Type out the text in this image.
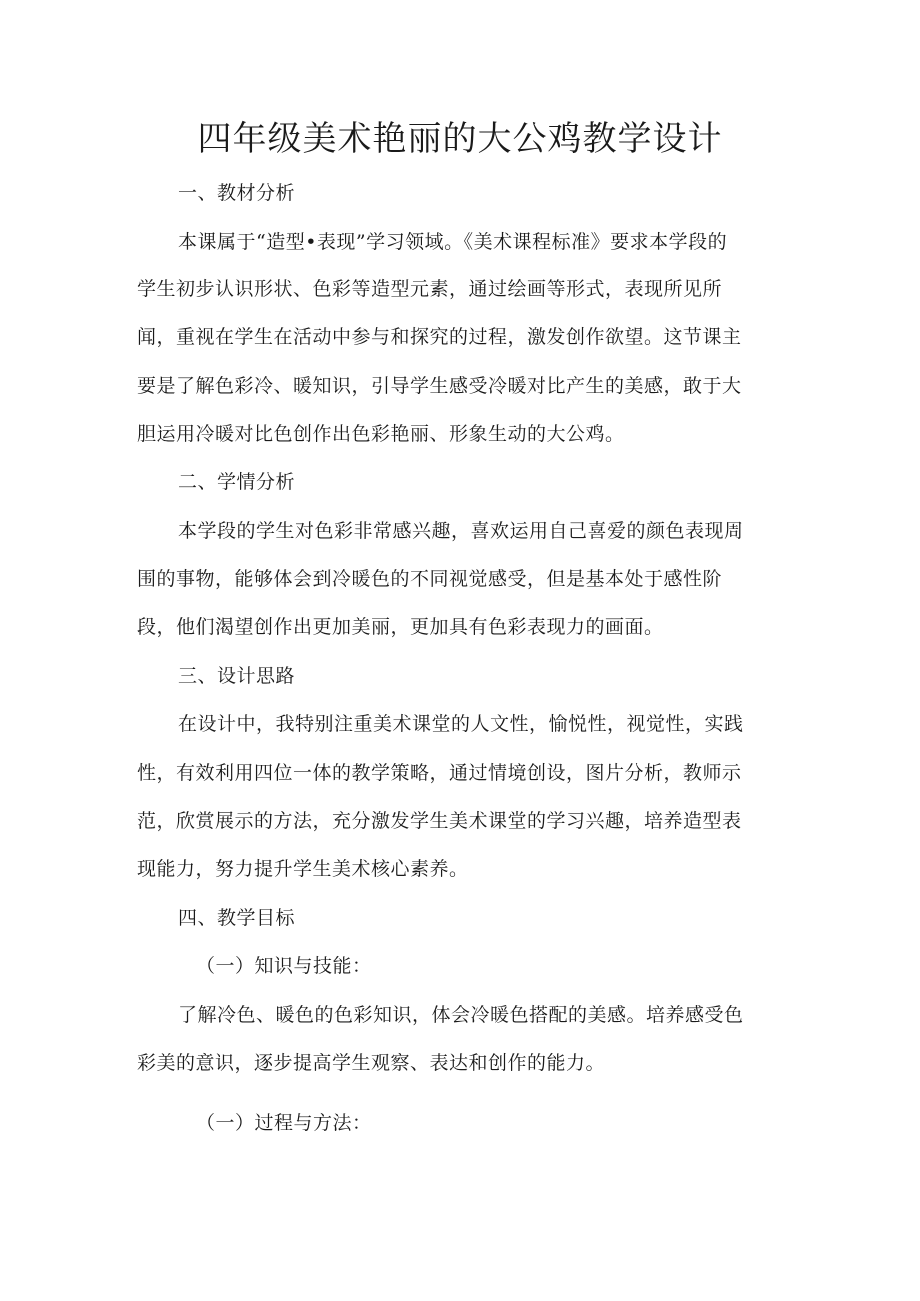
四年级美术艳丽的大公鸡教学设计
一、教材分析
本课属于“造型•表现”学习领域。《美术课程标准》要求本学段的
学生初步认识形状、色彩等造型元素，通过绘画等形式，表现所见所
闻，重视在学生在活动中参与和探究的过程，激发创作欲望。这节课主
要是了解色彩冷、暖知识，引导学生感受冷暖对比产生的美感，敢于大
胆运用冷暖对比色创作出色彩艳丽、形象生动的大公鸡。
二、学情分析
本学段的学生对色彩非常感兴趣，喜欢运用自己喜爱的颜色表现周
围的事物，能够体会到冷暖色的不同视觉感受，但是基本处于感性阶
段，他们渴望创作出更加美丽，更加具有色彩表现力的画面。
三、设计思路
在设计中，我特别注重美术课堂的人文性，愉悦性，视觉性，实践
性，有效利用四位一体的教学策略，通过情境创设，图片分析，教师示
范，欣赏展示的方法，充分激发学生美术课堂的学习兴趣，培养造型表
现能力，努力提升学生美术核心素养。
四、教学目标
（一）知识与技能：
了解冷色、暖色的色彩知识，体会冷暖色搭配的美感。培养感受色
彩美的意识，逐步提高学生观察、表达和创作的能力。
（一）过程与方法：
